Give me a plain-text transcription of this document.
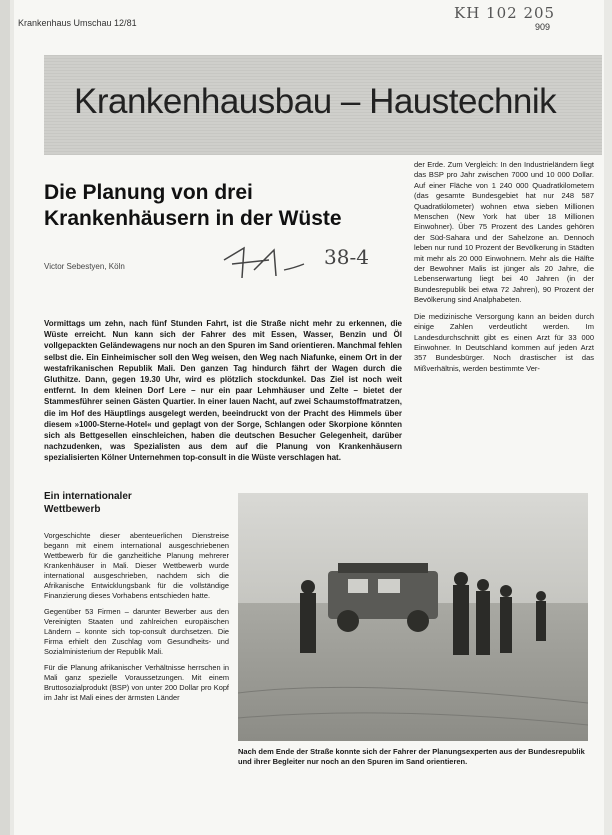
Krankenhaus Umschau 12/81	909
KH 102 205
Krankenhausbau – Haustechnik
Die Planung von drei
Krankenhäusern in der Wüste
Victor Sebestyen, Köln	38-4
Vormittags um zehn, nach fünf Stunden Fahrt, ist die Straße nicht mehr zu erkennen, die Wüste erreicht. Nun kann sich der Fahrer des mit Essen, Wasser, Benzin und Öl vollgepackten Geländewagens nur noch an den Spuren im Sand orientieren. Manchmal fehlen selbst die. Ein Einheimischer soll den Weg weisen, den Weg nach Niafunke, einem Ort in der westafrikanischen Republik Mali. Den ganzen Tag hindurch fährt der Wagen durch die Gluthitze. Dann, gegen 19.30 Uhr, wird es plötzlich stockdunkel. Das Ziel ist noch weit entfernt. In dem kleinen Dorf Lere – nur ein paar Lehmhäuser und Zelte – bietet der Stammesführer seinen Gästen Quartier. In einer lauen Nacht, auf zwei Schaumstoffmatratzen, die im Hof des Häuptlings ausgelegt werden, beeindruckt von der Pracht des Himmels über diesem »1000-Sterne-Hotel« und geplagt von der Sorge, Schlangen oder Skorpione könnten sich als Bettgesellen einschleichen, haben die deutschen Besucher Gelegenheit, darüber nachzudenken, was Spezialisten aus dem auf die Planung von Krankenhäusern spezialisierten Kölner Unternehmen top-consult in die Wüste verschlagen hat.

der Erde. Zum Vergleich: In den Industrieländern liegt das BSP pro Jahr zwischen 7000 und 10 000 Dollar. Auf einer Fläche von 1 240 000 Quadratkilometern (das gesamte Bundesgebiet hat nur 248 587 Quadratkilometer) wohnen etwa sieben Millionen Menschen (New York hat über 18 Millionen Einwohner). Über 75 Prozent des Landes gehören der Süd-Sahara und der Sahelzone an. Dennoch leben nur rund 10 Prozent der Bevölkerung in Städten mit mehr als 20 000 Einwohnern. Mehr als die Hälfte der Bewohner Malis ist jünger als 20 Jahre, die Lebenserwartung liegt bei 40 Jahren (in der Bundesrepublik bei etwa 72 Jahren), 90 Prozent der Bevölkerung sind Analphabeten.

Die medizinische Versorgung kann an beiden durch einige Zahlen verdeutlicht werden. Im Landesdurchschnitt gibt es einen Arzt für 33 000 Einwohner. In Deutschland kommen auf jeden Arzt 357 Bundesbürger. Noch drastischer ist das Mißverhältnis, werden bestimmte Ver-

Ein internationaler
Wettbewerb

Vorgeschichte dieser abenteuerlichen Dienstreise begann mit einem international ausgeschriebenen Wettbewerb für die ganzheitliche Planung mehrerer Krankenhäuser in Mali. Dieser Wettbewerb wurde international ausgeschrieben, nachdem sich die Afrikanische Entwicklungsbank für die vollständige Finanzierung dieses Vorhabens entschieden hatte.

Gegenüber 53 Firmen – darunter Bewerber aus den Vereinigten Staaten und zahlreichen europäischen Ländern – konnte sich top-consult durchsetzen. Die Firma erhielt den Zuschlag vom Gesundheits- und Sozialministerium der Republik Mali.

Für die Planung afrikanischer Verhältnisse herrschen in Mali ganz spezielle Voraussetzungen. Mit einem Bruttosozialprodukt (BSP) von unter 200 Dollar pro Kopf im Jahr ist Mali eines der ärmsten Länder

Nach dem Ende der Straße konnte sich der Fahrer der Planungsexperten aus der Bundesrepublik und ihrer Begleiter nur noch an den Spuren im Sand orientieren.
